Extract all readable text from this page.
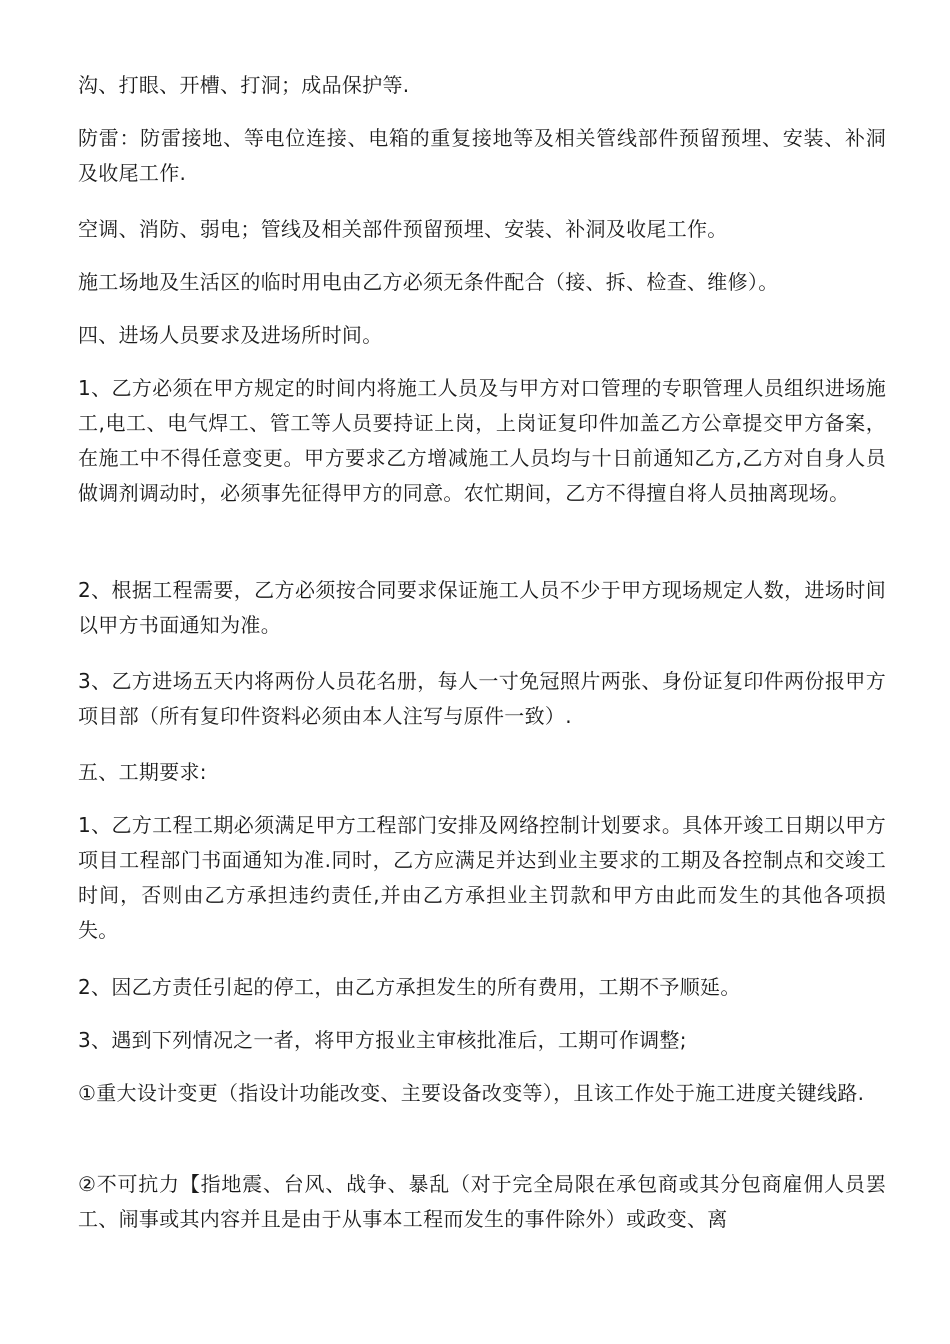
沟、打眼、开槽、打洞；成品保护等.

防雷：防雷接地、等电位连接、电箱的重复接地等及相关管线部件预留预埋、安装、补洞及收尾工作.

空调、消防、弱电；管线及相关部件预留预埋、安装、补洞及收尾工作。

施工场地及生活区的临时用电由乙方必须无条件配合（接、拆、检查、维修）。

四、进场人员要求及进场所时间。

1、乙方必须在甲方规定的时间内将施工人员及与甲方对口管理的专职管理人员组织进场施工,电工、电气焊工、管工等人员要持证上岗，上岗证复印件加盖乙方公章提交甲方备案，在施工中不得任意变更。甲方要求乙方增减施工人员均与十日前通知乙方,乙方对自身人员做调剂调动时，必须事先征得甲方的同意。农忙期间，乙方不得擅自将人员抽离现场。

2、根据工程需要，乙方必须按合同要求保证施工人员不少于甲方现场规定人数，进场时间以甲方书面通知为准。

3、乙方进场五天内将两份人员花名册，每人一寸免冠照片两张、身份证复印件两份报甲方项目部（所有复印件资料必须由本人注写与原件一致）.

五、工期要求:

1、乙方工程工期必须满足甲方工程部门安排及网络控制计划要求。具体开竣工日期以甲方项目工程部门书面通知为准.同时，乙方应满足并达到业主要求的工期及各控制点和交竣工时间，否则由乙方承担违约责任,并由乙方承担业主罚款和甲方由此而发生的其他各项损失。

2、因乙方责任引起的停工，由乙方承担发生的所有费用，工期不予顺延。

3、遇到下列情况之一者，将甲方报业主审核批准后，工期可作调整;

①重大设计变更（指设计功能改变、主要设备改变等），且该工作处于施工进度关键线路.

②不可抗力【指地震、台风、战争、暴乱（对于完全局限在承包商或其分包商雇佣人员罢工、闹事或其内容并且是由于从事本工程而发生的事件除外）或政变、离
